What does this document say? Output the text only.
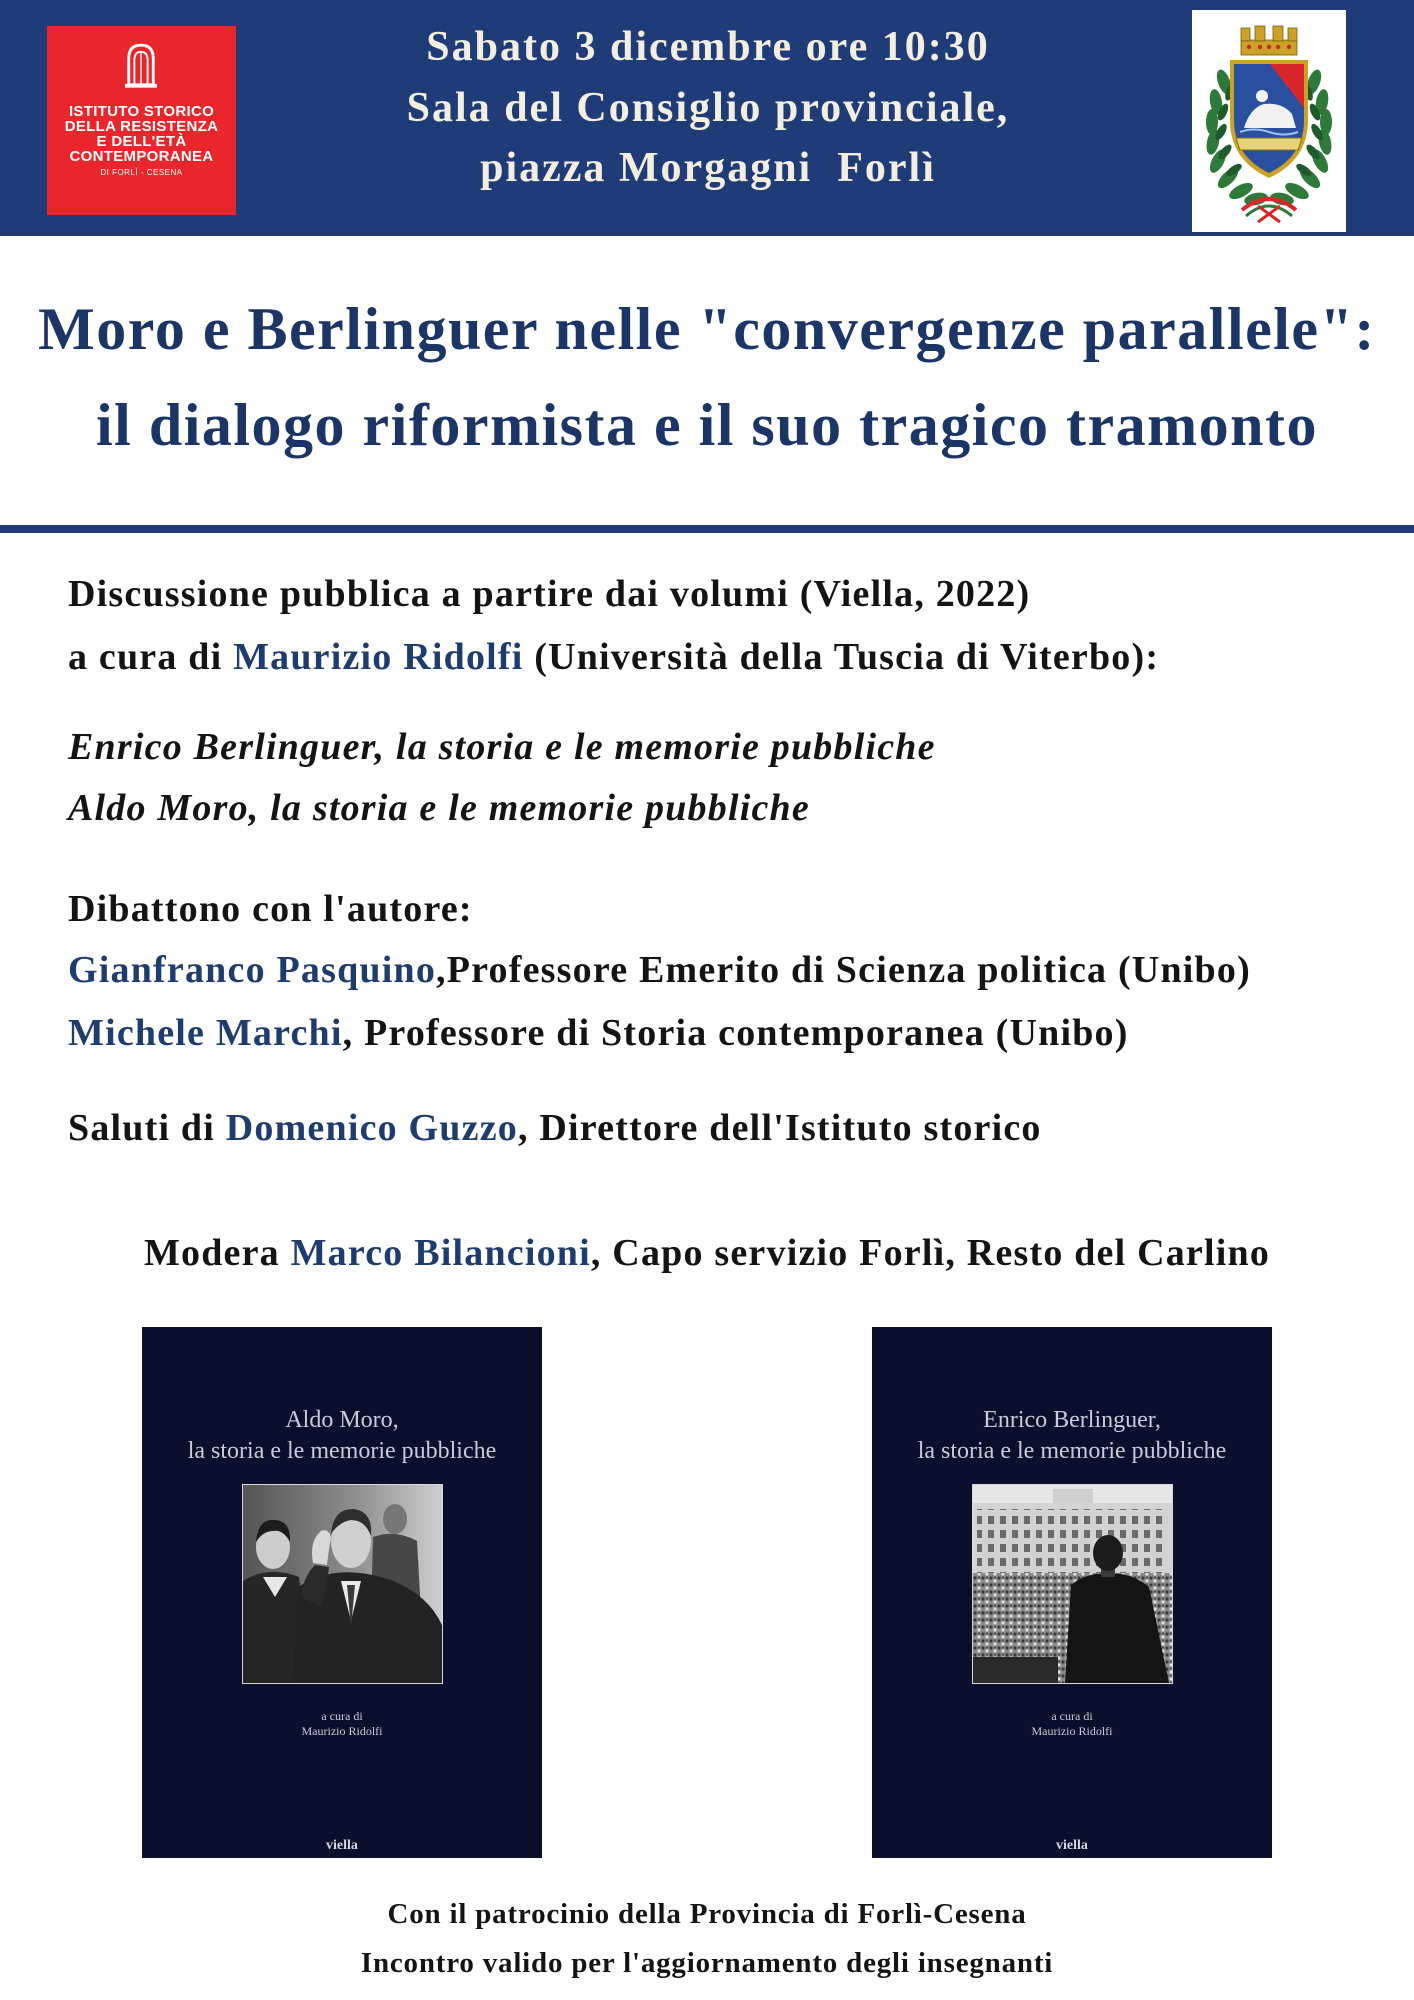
ISTITUTO STORICO
DELLA RESISTENZA
E DELL'ETÀ
CONTEMPORANEA
DI FORLÌ - CESENA
Sabato 3 dicembre ore 10:30
Sala del Consiglio provinciale,
piazza Morgagni  Forlì
Moro e Berlinguer nelle "convergenze parallele":
il dialogo riformista e il suo tragico tramonto
Discussione pubblica a partire dai volumi (Viella, 2022)
a cura di Maurizio Ridolfi (Università della Tuscia di Viterbo):
Enrico Berlinguer, la storia e le memorie pubbliche
Aldo Moro, la storia e le memorie pubbliche
Dibattono con l'autore:
Gianfranco Pasquino,Professore Emerito di Scienza politica (Unibo)
Michele Marchi, Professore di Storia contemporanea (Unibo)
Saluti di Domenico Guzzo, Direttore dell'Istituto storico
Modera Marco Bilancioni, Capo servizio Forlì, Resto del Carlino
Aldo Moro,
la storia e le memorie pubbliche
a cura di
Maurizio Ridolfi
viella
Enrico Berlinguer,
la storia e le memorie pubbliche
a cura di
Maurizio Ridolfi
viella
Con il patrocinio della Provincia di Forlì-Cesena
Incontro valido per l'aggiornamento degli insegnanti
